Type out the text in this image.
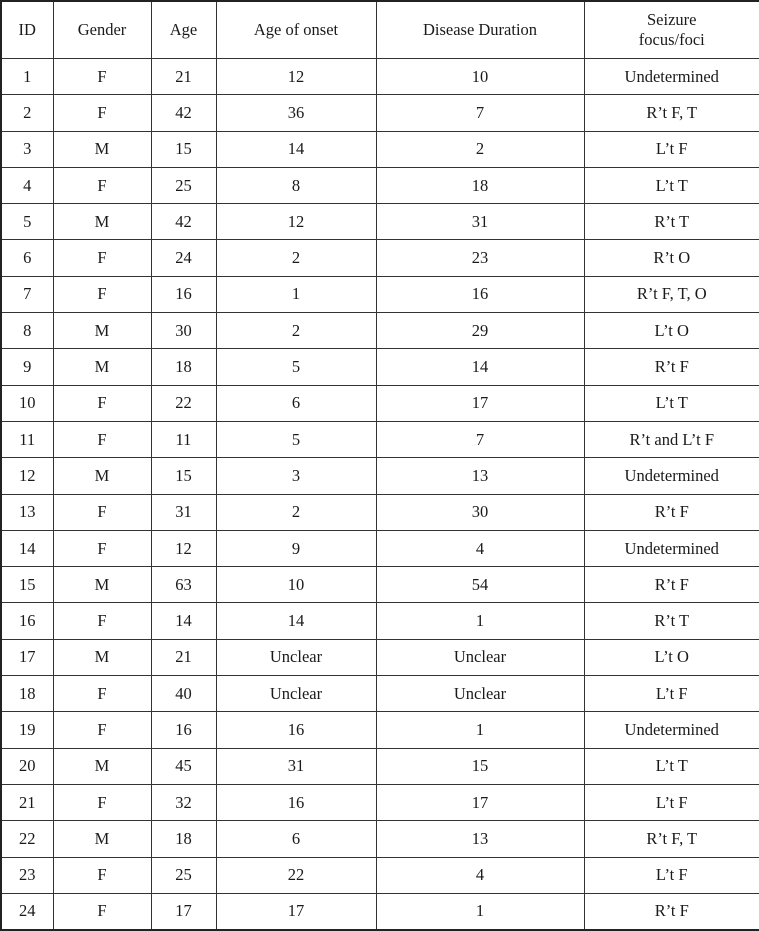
ID	Gender	Age	Age of onset	Disease Duration	Seizure
focus/foci

1	F	21	12	10	Undetermined
2	F	42	36	7	R’t F, T
3	M	15	14	2	L’t F
4	F	25	8	18	L’t T
5	M	42	12	31	R’t T
6	F	24	2	23	R’t O
7	F	16	1	16	R’t F, T, O
8	M	30	2	29	L’t O
9	M	18	5	14	R’t F
10	F	22	6	17	L’t T
11	F	11	5	7	R’t and L’t F
12	M	15	3	13	Undetermined
13	F	31	2	30	R’t F
14	F	12	9	4	Undetermined
15	M	63	10	54	R’t F
16	F	14	14	1	R’t T
17	M	21	Unclear	Unclear	L’t O
18	F	40	Unclear	Unclear	L’t F
19	F	16	16	1	Undetermined
20	M	45	31	15	L’t T
21	F	32	16	17	L’t F
22	M	18	6	13	R’t F, T
23	F	25	22	4	L’t F
24	F	17	17	1	R’t F
